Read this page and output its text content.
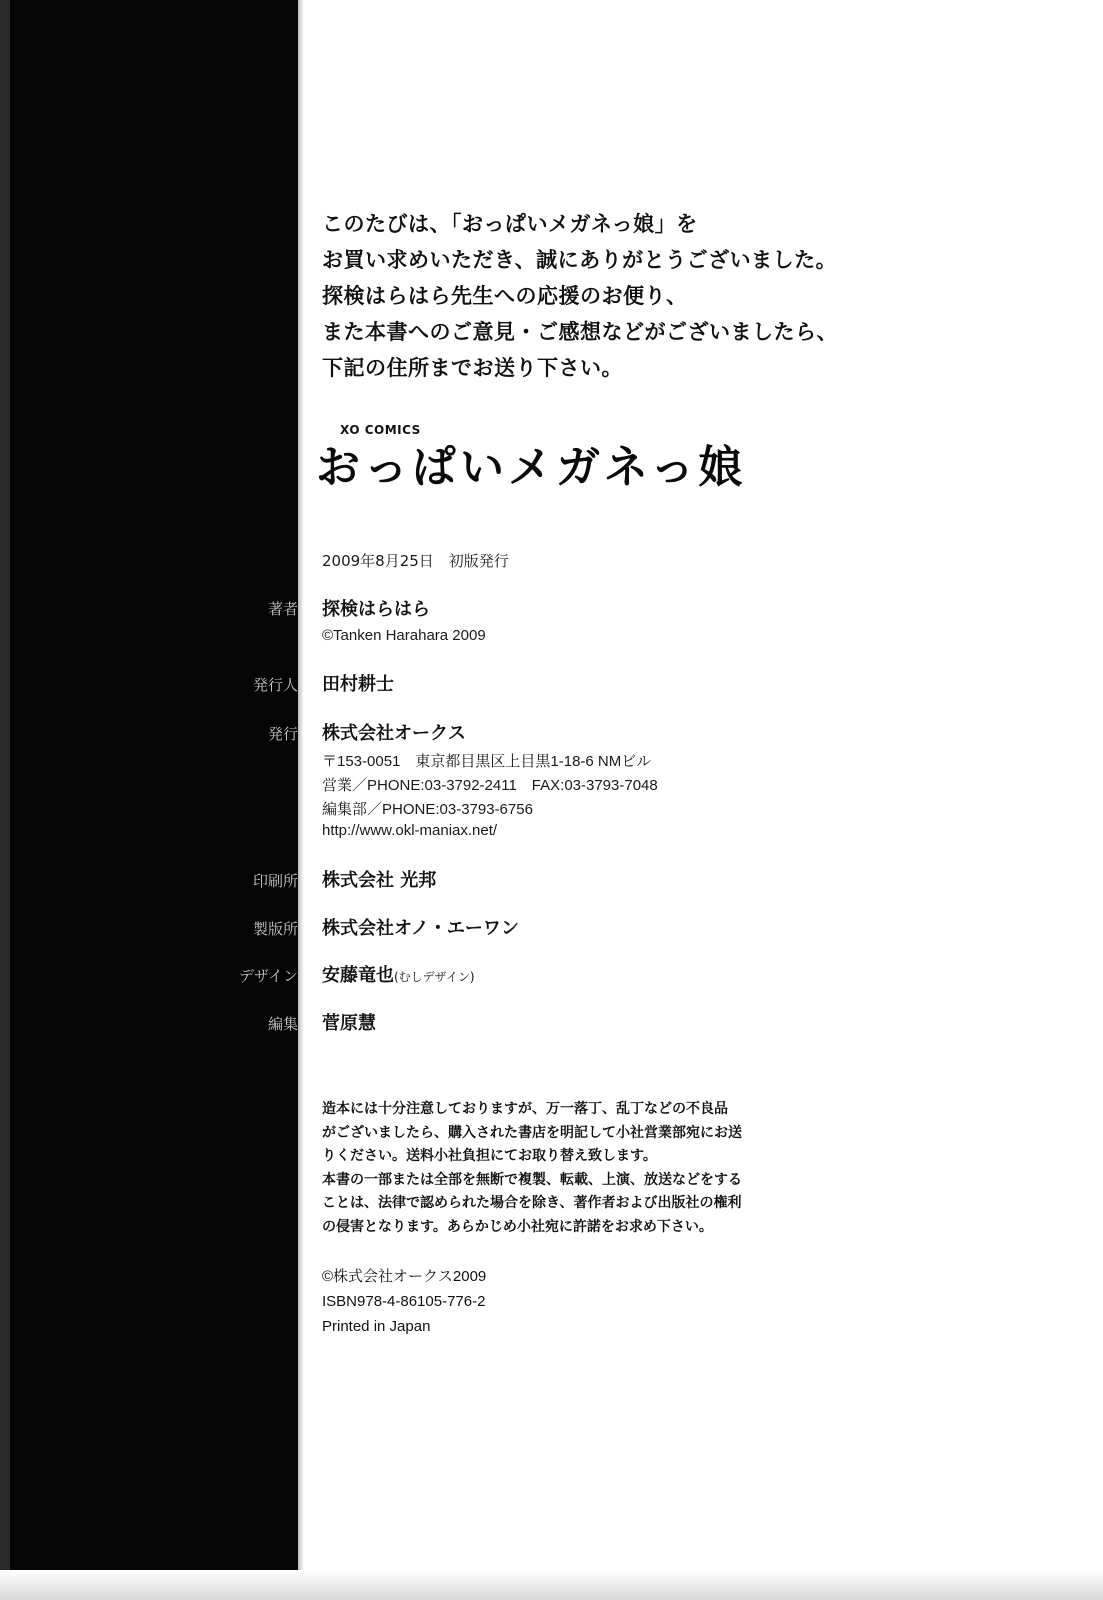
このたびは、「おっぱいメガネっ娘」を
お買い求めいただき、誠にありがとうございました。
探検はらはら先生への応援のお便り、
また本書へのご意見・ご感想などがございましたら、
下記の住所までお送り下さい。
XO COMICS
おっぱいメガネっ娘
2009年8月25日　初版発行
著者 探検はらはら
©Tanken Harahara 2009
発行人 田村耕士
発行 株式会社オークス
〒153-0051　東京都目黒区上目黒1-18-6 NMビル
営業／PHONE:03-3792-2411　FAX:03-3793-7048
編集部／PHONE:03-3793-6756
http://www.okl-maniax.net/
印刷所 株式会社 光邦
製版所 株式会社オノ・エーワン
デザイン 安藤竜也(むしデザイン)
編集 菅原慧
造本には十分注意しておりますが、万一落丁、乱丁などの不良品
がございましたら、購入された書店を明記して小社営業部宛にお送
りください。送料小社負担にてお取り替え致します。
本書の一部または全部を無断で複製、転載、上演、放送などをする
ことは、法律で認められた場合を除き、著作者および出版社の権利
の侵害となります。あらかじめ小社宛に許諾をお求め下さい。
©株式会社オークス2009
ISBN978-4-86105-776-2
Printed in Japan
